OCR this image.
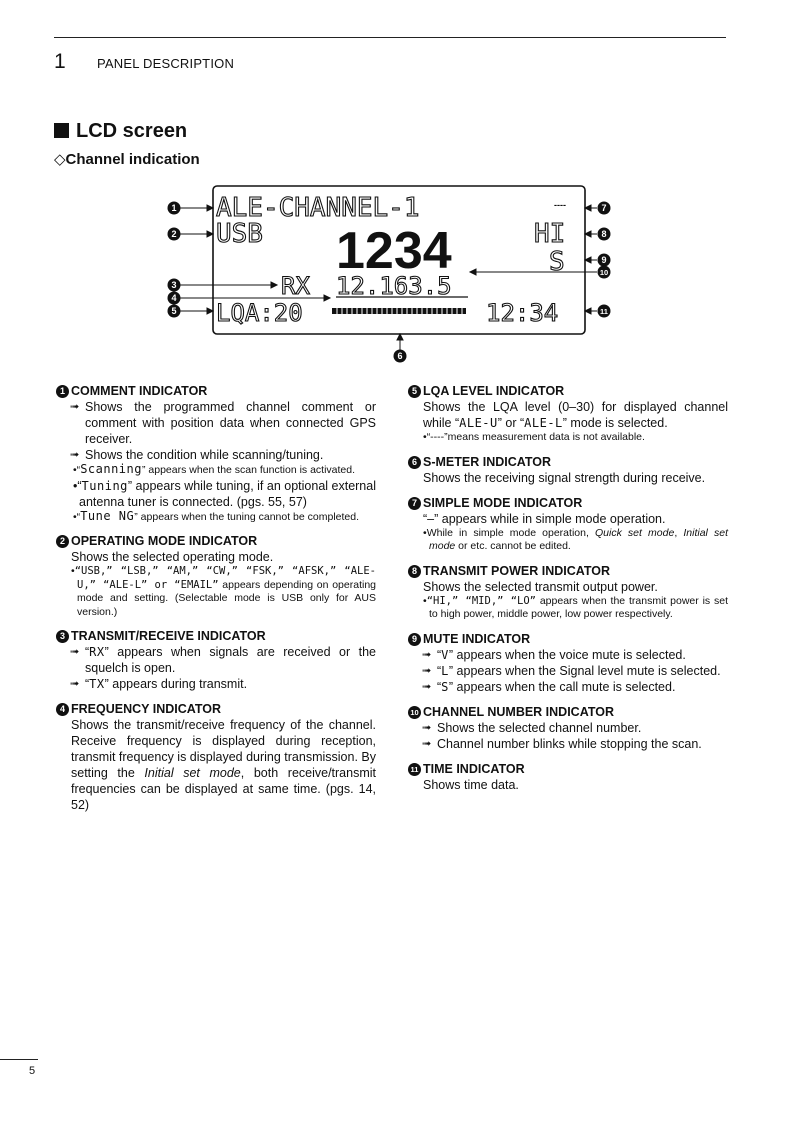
1 PANEL DESCRIPTION
LCD screen
◇Channel indication
ALE-CHANNEL-1
USB	HI
S
RX 12.163.5
LQA:20	12:34
----
1234
1
2
3
4
5
6
7
8
9
10
11
1 COMMENT INDICATOR
➟ Shows the programmed channel comment or comment with position data when connected GPS receiver.
➟ Shows the condition while scanning/tuning.
•“Scanning” appears when the scan function is activated.
•“Tuning” appears while tuning, if an optional external antenna tuner is connected. (pgs. 55, 57)
•“Tune NG” appears when the tuning cannot be completed.
2 OPERATING MODE INDICATOR
Shows the selected operating mode.
•“USB,” “LSB,” “AM,” “CW,” “FSK,” “AFSK,” “ALE-U,” “ALE-L” or “EMAIL” appears depending on operating mode and setting. (Selectable mode is USB only for AUS version.)
3 TRANSMIT/RECEIVE INDICATOR
➟ “RX” appears when signals are received or the squelch is open.
➟ “TX” appears during transmit.
4 FREQUENCY INDICATOR
Shows the transmit/receive frequency of the channel. Receive frequency is displayed during reception, transmit frequency is displayed during transmission. By setting the Initial set mode, both receive/transmit frequencies can be displayed at same time. (pgs. 14, 52)
5 LQA LEVEL INDICATOR
Shows the LQA level (0–30) for displayed channel while “ALE-U” or “ALE-L” mode is selected.
•“----”means measurement data is not available.
6 S-METER INDICATOR
Shows the receiving signal strength during receive.
7 SIMPLE MODE INDICATOR
“–” appears while in simple mode operation.
•While in simple mode operation, Quick set mode, Initial set mode or etc. cannot be edited.
8 TRANSMIT POWER INDICATOR
Shows the selected transmit output power.
•“HI,” “MID,” “LO” appears when the transmit power is set to high power, middle power, low power respectively.
9 MUTE INDICATOR
➟ “V” appears when the voice mute is selected.
➟ “L” appears when the Signal level mute is selected.
➟ “S” appears when the call mute is selected.
10 CHANNEL NUMBER INDICATOR
➟ Shows the selected channel number.
➟ Channel number blinks while stopping the scan.
11 TIME INDICATOR
Shows time data.
5
